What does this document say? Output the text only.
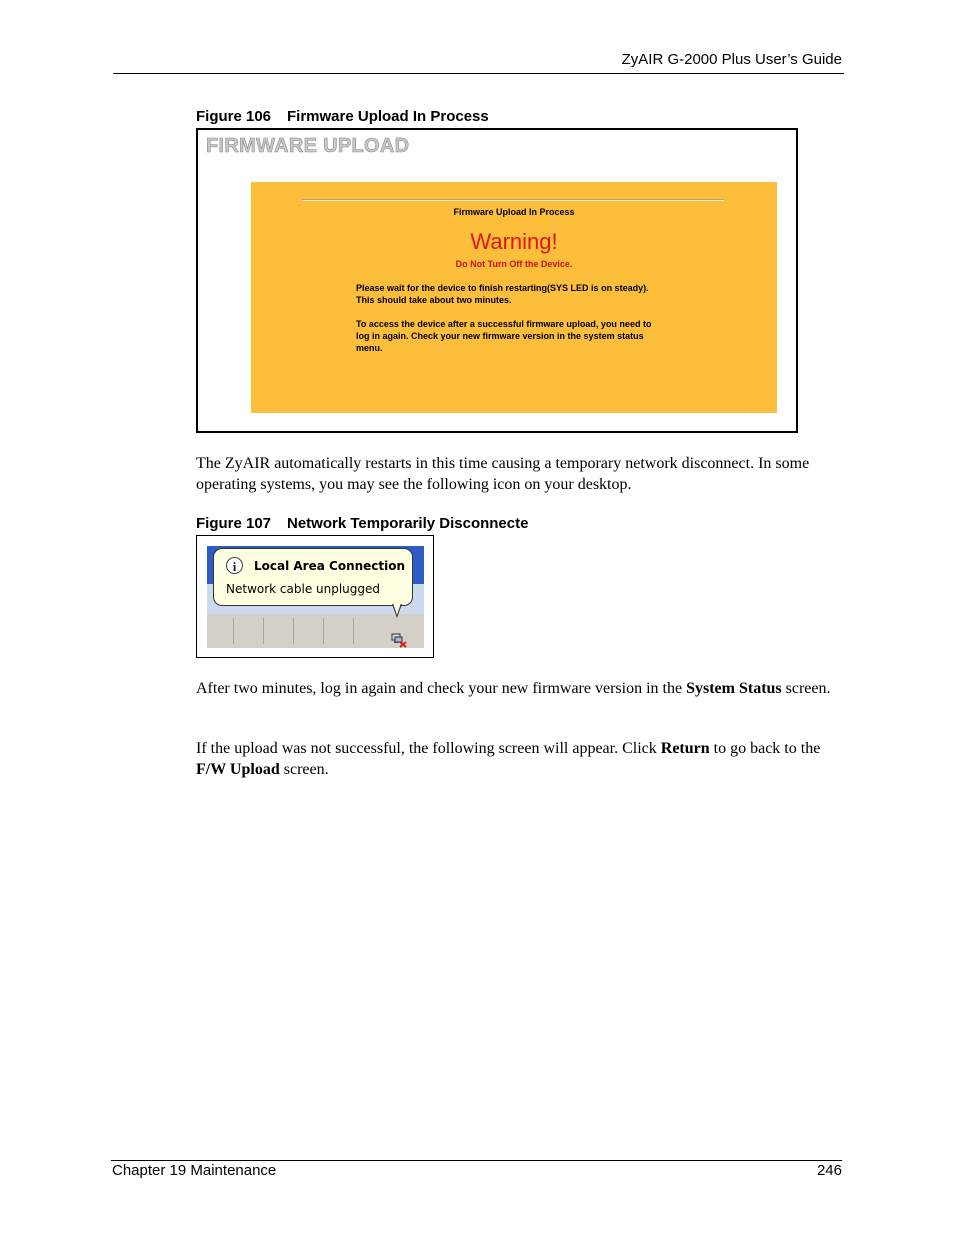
ZyAIR G-2000 Plus User’s Guide
Figure 106 Firmware Upload In Process
FIRMWARE UPLOAD
Firmware Upload In Process
Warning!
Do Not Turn Off the Device.
Please wait for the device to finish restarting(SYS LED is on steady). This should take about two minutes.
To access the device after a successful firmware upload, you need to log in again. Check your new firmware version in the system status menu.
The ZyAIR automatically restarts in this time causing a temporary network disconnect. In some operating systems, you may see the following icon on your desktop.
Figure 107 Network Temporarily Disconnecte
i	Local Area Connection
Network cable unplugged
After two minutes, log in again and check your new firmware version in the System Status screen.
If the upload was not successful, the following screen will appear. Click Return to go back to the F/W Upload screen.
Chapter 19 Maintenance	246
